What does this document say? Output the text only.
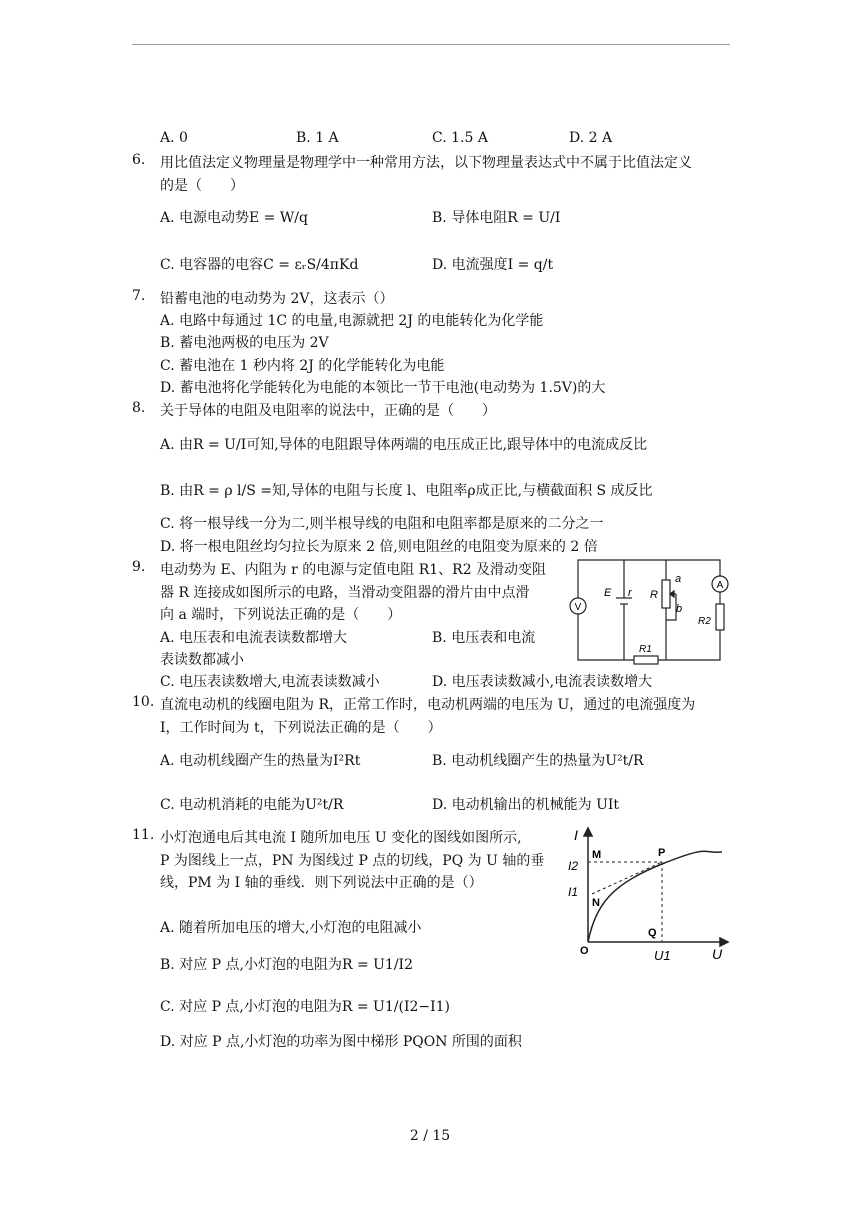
A. 0	B. 1 A	C. 1.5 A	D. 2 A
6.	用比值法定义物理量是物理学中一种常用方法，以下物理量表达式中不属于比值法定义
的是（　　）
A. 电源电动势E = W/q	B. 导体电阻R = U/I
C. 电容器的电容C = εᵣS/4πKd	D. 电流强度I = q/t
7.	铅蓄电池的电动势为 2V，这表示（）
A. 电路中每通过 1C 的电量,电源就把 2J 的电能转化为化学能
B. 蓄电池两极的电压为 2V
C. 蓄电池在 1 秒内将 2J 的化学能转化为电能
D. 蓄电池将化学能转化为电能的本领比一节干电池(电动势为 1.5V)的大
8.	关于导体的电阻及电阻率的说法中，正确的是（　　）
A. 由R = U/I可知,导体的电阻跟导体两端的电压成正比,跟导体中的电流成反比
B. 由R = ρ l/S =知,导体的电阻与长度 l、电阻率ρ成正比,与横截面积 S 成反比
C. 将一根导线一分为二,则半根导线的电阻和电阻率都是原来的二分之一
D. 将一根电阻丝均匀拉长为原来 2 倍,则电阻丝的电阻变为原来的 2 倍
9.	电动势为 E、内阻为 r 的电源与定值电阻 R1、R2 及滑动变阻
器 R 连接成如图所示的电路，当滑动变阻器的滑片由中点滑
向 a 端时，下列说法正确的是（　　）
A. 电压表和电流表读数都增大	B. 电压表和电流
表读数都减小
C. 电压表读数增大,电流表读数减小	D. 电压表读数减小,电流表读数增大
V
A
E r R
a
b
R1
R2
10. 直流电动机的线圈电阻为 R，正常工作时，电动机两端的电压为 U，通过的电流强度为
I，工作时间为 t，下列说法正确的是（　　）
A. 电动机线圈产生的热量为I²Rt	B. 电动机线圈产生的热量为U²t/R
C. 电动机消耗的电能为U²t/R	D. 电动机输出的机械能为 UIt
11. 小灯泡通电后其电流 I 随所加电压 U 变化的图线如图所示,
P 为图线上一点，PN 为图线过 P 点的切线，PQ 为 U 轴的垂
线，PM 为 I 轴的垂线．则下列说法中正确的是（）
A. 随着所加电压的增大,小灯泡的电阻减小
B. 对应 P 点,小灯泡的电阻为R = U1/I2
C. 对应 P 点,小灯泡的电阻为R = U1/(I2−I1)
D. 对应 P 点,小灯泡的功率为图中梯形 PQON 所围的面积
I
U
I2
I1
M
N
P
Q
O	U1
2 / 15
